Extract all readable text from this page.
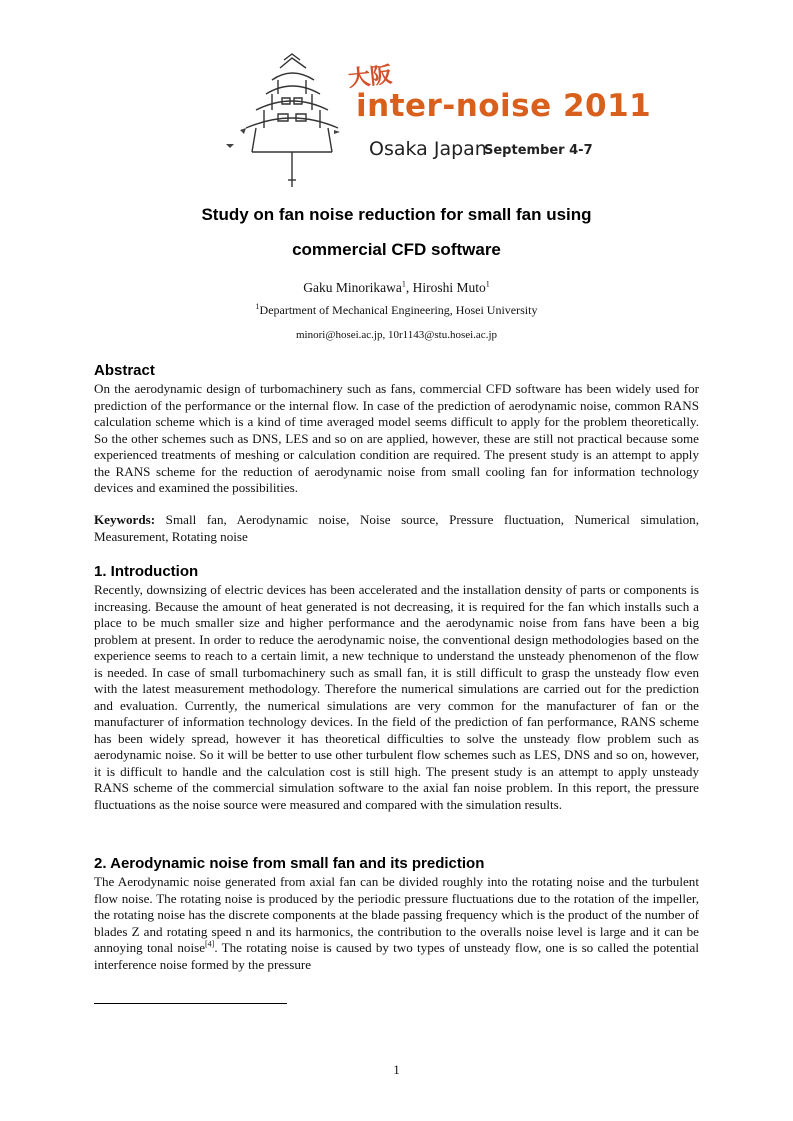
大阪
inter-noise 2011
Osaka Japan
September 4-7
Study on fan noise reduction for small fan using
commercial CFD software
Gaku Minorikawa$^1$, Hiroshi Muto$^1$
$^1$Department of Mechanical Engineering, Hosei University
minori@hosei.ac.jp, 10r1143@stu.hosei.ac.jp
Abstract
On the aerodynamic design of turbomachinery such as fans, commercial CFD software has been widely used for prediction of the performance or the internal flow. In case of the prediction of aerodynamic noise, common RANS calculation scheme which is a kind of time averaged model seems difficult to apply for the problem theoretically. So the other schemes such as DNS, LES and so on are applied, however, these are still not practical because some experienced treatments of meshing or calculation condition are required. The present study is an attempt to apply the RANS scheme for the reduction of aerodynamic noise from small cooling fan for information technology devices and examined the possibilities.
Keywords: Small fan, Aerodynamic noise, Noise source, Pressure fluctuation, Numerical simulation, Measurement, Rotating noise
1. Introduction
Recently, downsizing of electric devices has been accelerated and the installation density of parts or components is increasing. Because the amount of heat generated is not decreasing, it is required for the fan which installs such a place to be much smaller size and higher performance and the aerodynamic noise from fans have been a big problem at present. In order to reduce the aerodynamic noise, the conventional design methodologies based on the experience seems to reach to a certain limit, a new technique to understand the unsteady phenomenon of the flow is needed. In case of small turbomachinery such as small fan, it is still difficult to grasp the unsteady flow even with the latest measurement methodology. Therefore the numerical simulations are carried out for the prediction and evaluation. Currently, the numerical simulations are very common for the manufacturer of fan or the manufacturer of information technology devices. In the field of the prediction of fan performance, RANS scheme has been widely spread, however it has theoretical difficulties to solve the unsteady flow problem such as aerodynamic noise. So it will be better to use other turbulent flow schemes such as LES, DNS and so on, however, it is difficult to handle and the calculation cost is still high. The present study is an attempt to apply unsteady RANS scheme of the commercial simulation software to the axial fan noise problem. In this report, the pressure fluctuations as the noise source were measured and compared with the simulation results.
2. Aerodynamic noise from small fan and its prediction
The Aerodynamic noise generated from axial fan can be divided roughly into the rotating noise and the turbulent flow noise. The rotating noise is produced by the periodic pressure fluctuations due to the rotation of the impeller, the rotating noise has the discrete components at the blade passing frequency which is the product of the number of blades Z and rotating speed n and its harmonics, the contribution to the overalls noise level is large and it can be annoying tonal noise[4]. The rotating noise is caused by two types of unsteady flow, one is so called the potential interference noise formed by the pressure
1
